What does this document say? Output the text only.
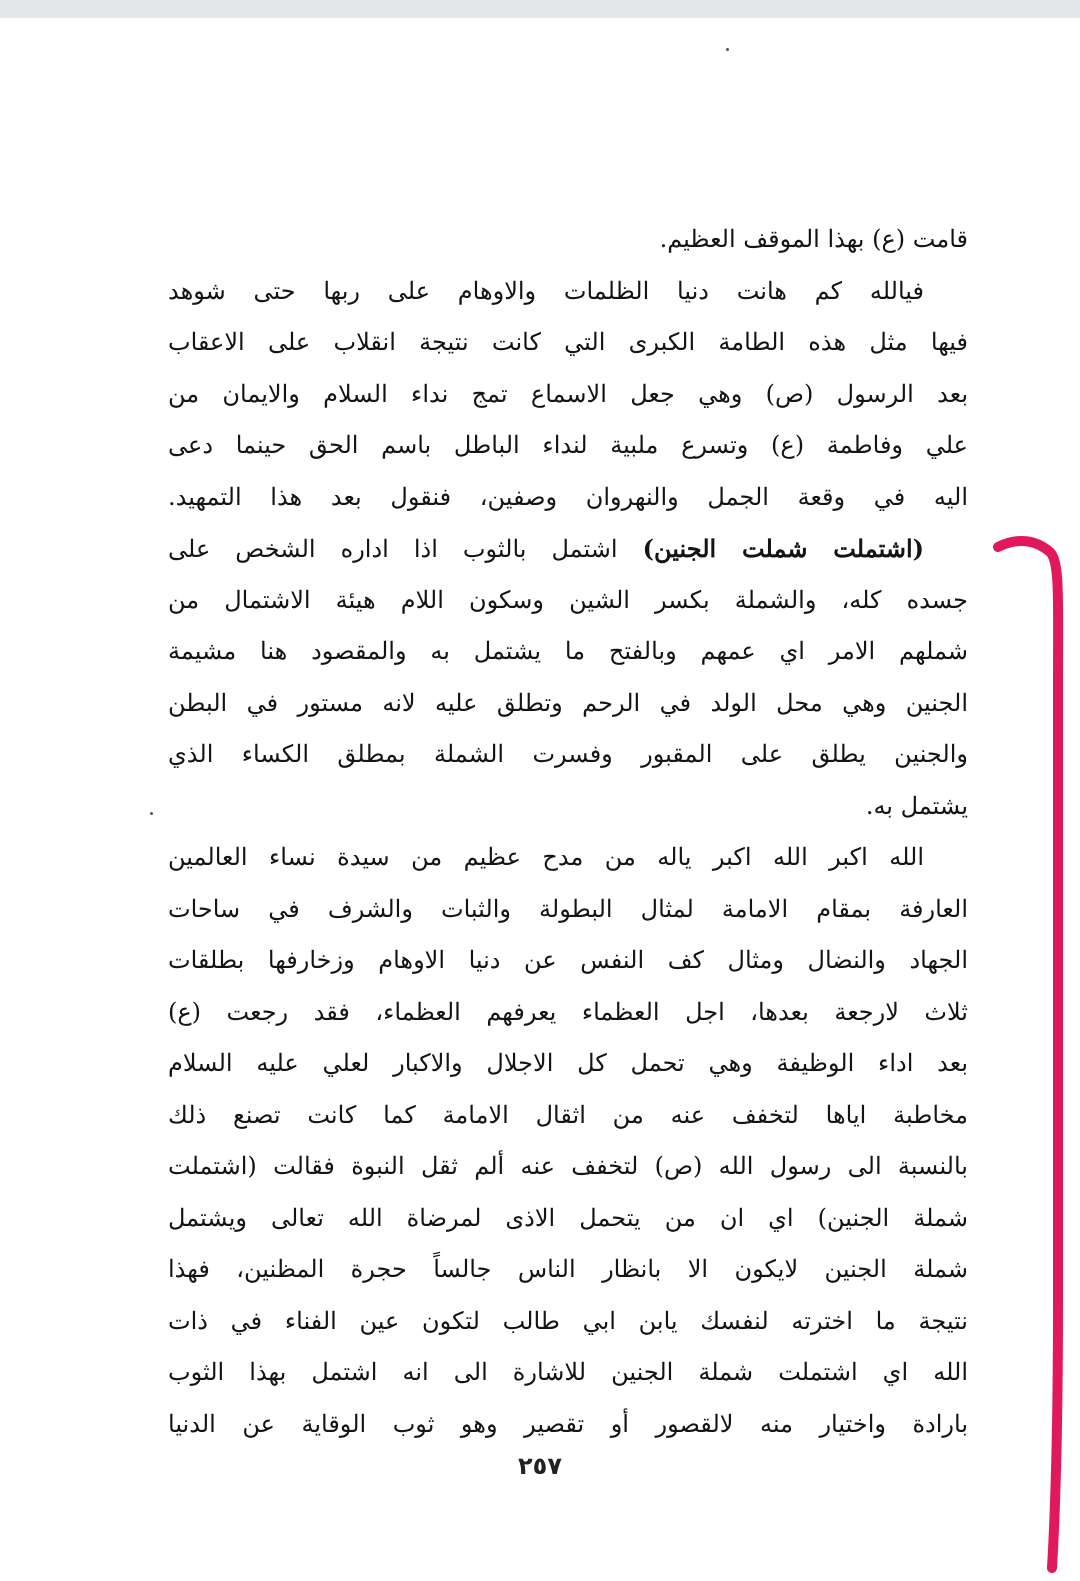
قامت (ع) بهذا الموقف العظيم.
فيالله كم هانت دنيا الظلمات والاوهام على ربها حتى شوهد
فيها مثل هذه الطامة الكبرى التي كانت نتيجة انقلاب على الاعقاب
بعد الرسول (ص) وهي جعل الاسماع تمج نداء السلام والايمان من
علي وفاطمة (ع) وتسرع ملبية لنداء الباطل باسم الحق حينما دعى
اليه في وقعة الجمل والنهروان وصفين، فنقول بعد هذا التمهيد.
(اشتملت شملت الجنين) اشتمل بالثوب اذا اداره الشخص على
جسده كله، والشملة بكسر الشين وسكون اللام هيئة الاشتمال من
شملهم الامر اي عمهم وبالفتح ما يشتمل به والمقصود هنا مشيمة
الجنين وهي محل الولد في الرحم وتطلق عليه لانه مستور في البطن
والجنين يطلق على المقبور وفسرت الشملة بمطلق الكساء الذي
يشتمل به.
الله اكبر الله اكبر ياله من مدح عظيم من سيدة نساء العالمين
العارفة بمقام الامامة لمثال البطولة والثبات والشرف في ساحات
الجهاد والنضال ومثال كف النفس عن دنيا الاوهام وزخارفها بطلقات
ثلاث لارجعة بعدها، اجل العظماء يعرفهم العظماء، فقد رجعت (ع)
بعد اداء الوظيفة وهي تحمل كل الاجلال والاكبار لعلي عليه السلام
مخاطبة اياها لتخفف عنه من اثقال الامامة كما كانت تصنع ذلك
بالنسبة الى رسول الله (ص) لتخفف عنه ألم ثقل النبوة فقالت (اشتملت
شملة الجنين) اي ان من يتحمل الاذى لمرضاة الله تعالى ويشتمل
شملة الجنين لايكون الا بانظار الناس جالساً حجرة المظنين، فهذا
نتيجة ما اخترته لنفسك يابن ابي طالب لتكون عين الفناء في ذات
الله اي اشتملت شملة الجنين للاشارة الى انه اشتمل بهذا الثوب
بارادة واختيار منه لالقصور أو تقصير وهو ثوب الوقاية عن الدنيا
٢٥٧
